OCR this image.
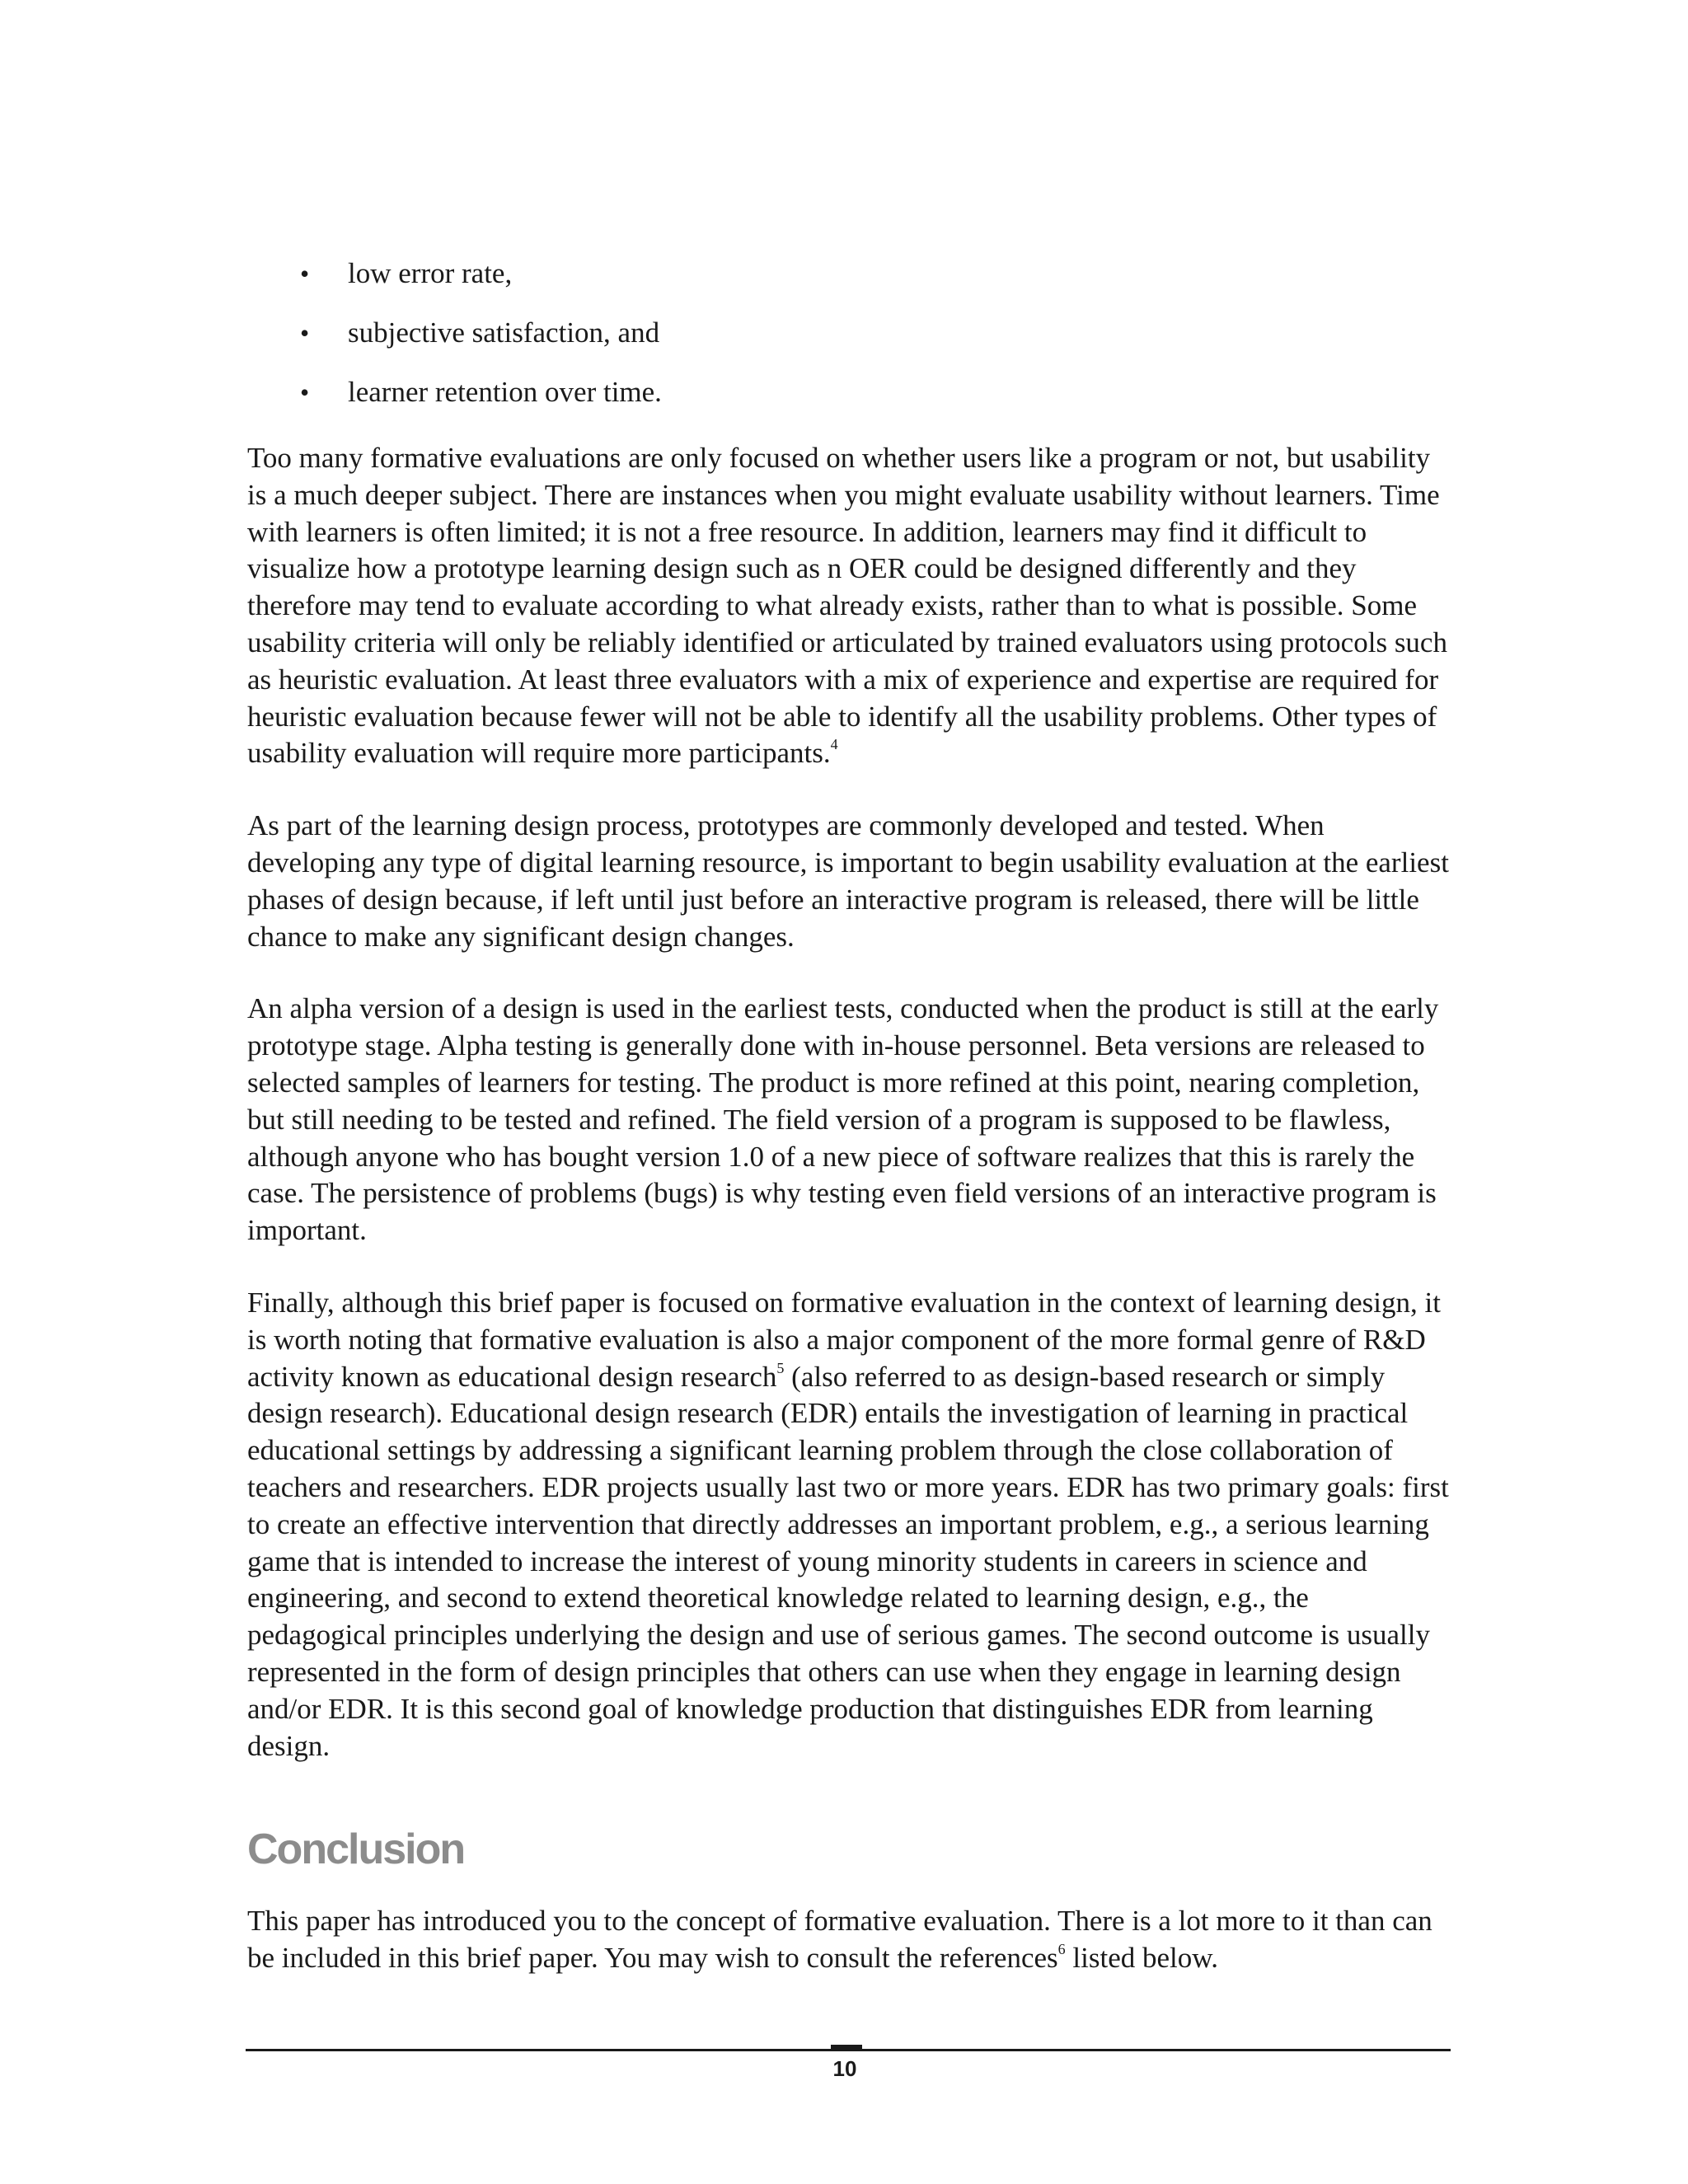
• low error rate,
• subjective satisfaction, and
• learner retention over time.

Too many formative evaluations are only focused on whether users like a program or not, but usability is a much deeper subject. There are instances when you might evaluate usability without learners. Time with learners is often limited; it is not a free resource. In addition, learners may find it difficult to visualize how a prototype learning design such as n OER could be designed differently and they therefore may tend to evaluate according to what already exists, rather than to what is possible. Some usability criteria will only be reliably identified or articulated by trained evaluators using protocols such as heuristic evaluation. At least three evaluators with a mix of experience and expertise are required for heuristic evaluation because fewer will not be able to identify all the usability problems. Other types of usability evaluation will require more participants.$^4$

As part of the learning design process, prototypes are commonly developed and tested. When developing any type of digital learning resource, is important to begin usability evaluation at the earliest phases of design because, if left until just before an interactive program is released, there will be little chance to make any significant design changes.

An alpha version of a design is used in the earliest tests, conducted when the product is still at the early prototype stage. Alpha testing is generally done with in-house personnel. Beta versions are released to selected samples of learners for testing. The product is more refined at this point, nearing completion, but still needing to be tested and refined. The field version of a program is supposed to be flawless, although anyone who has bought version 1.0 of a new piece of software realizes that this is rarely the case. The persistence of problems (bugs) is why testing even field versions of an interactive program is important.

Finally, although this brief paper is focused on formative evaluation in the context of learning design, it is worth noting that formative evaluation is also a major component of the more formal genre of R&D activity known as educational design research$^5$ (also referred to as design-based research or simply design research). Educational design research (EDR) entails the investigation of learning in practical educational settings by addressing a significant learning problem through the close collaboration of teachers and researchers. EDR projects usually last two or more years. EDR has two primary goals: first to create an effective intervention that directly addresses an important problem, e.g., a serious learning game that is intended to increase the interest of young minority students in careers in science and engineering, and second to extend theoretical knowledge related to learning design, e.g., the pedagogical principles underlying the design and use of serious games. The second outcome is usually represented in the form of design principles that others can use when they engage in learning design and/or EDR. It is this second goal of knowledge production that distinguishes EDR from learning design.

Conclusion

This paper has introduced you to the concept of formative evaluation. There is a lot more to it than can be included in this brief paper. You may wish to consult the references$^6$ listed below.

10
